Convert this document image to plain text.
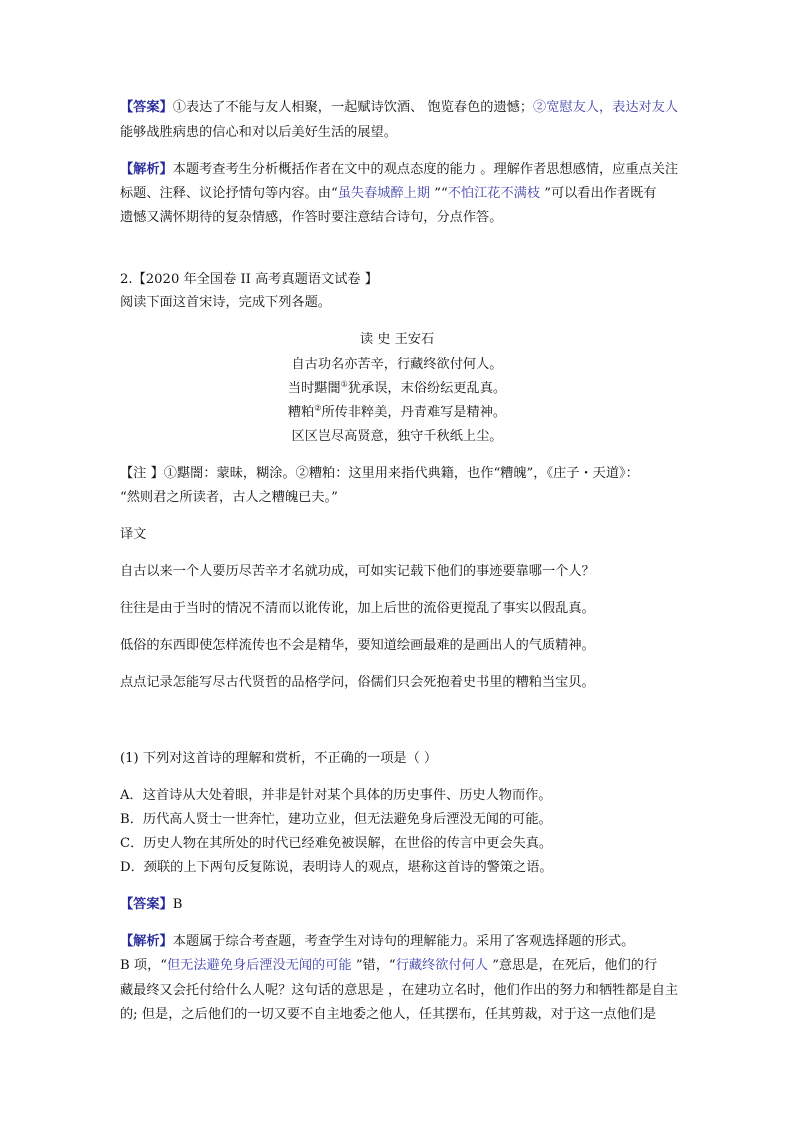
【答案】①表达了不能与友人相聚，一起赋诗饮酒、 饱览春色的遗憾；②宽慰友人，表达对友人
能够战胜病患的信心和对以后美好生活的展望。
【解析】本题考查考生分析概括作者在文中的观点态度的能力 。理解作者思想感情，应重点关注
标题、注释、议论抒情句等内容。由“虽失春城醉上期 ”“不怕江花不满枝 ”可以看出作者既有
遗憾又满怀期待的复杂情感，作答时要注意结合诗句，分点作答。
2.【2020 年全国卷 II 高考真题语文试卷 】
阅读下面这首宋诗，完成下列各题。
读 史 王安石
自古功名亦苦辛，行藏终欲付何人。
当时黮闇①犹承误，末俗纷纭更乱真。
糟粕②所传非粹美，丹青难写是精神。
区区岂尽高贤意，独守千秋纸上尘。
【注 】①黮闇：蒙昧，糊涂。②糟粕：这里用来指代典籍，也作“糟魄”，《庄子・天道》：
“然则君之所读者，古人之糟魄已夫。”
译文
自古以来一个人要历尽苦辛才名就功成，可如实记载下他们的事迹要靠哪一个人？
往往是由于当时的情况不清而以讹传讹，加上后世的流俗更搅乱了事实以假乱真。
低俗的东西即使怎样流传也不会是精华，要知道绘画最难的是画出人的气质精神。
点点记录怎能写尽古代贤哲的品格学问，俗儒们只会死抱着史书里的糟粕当宝贝。
(1) 下列对这首诗的理解和赏析，不正确的一项是（ ）
A．这首诗从大处着眼，并非是针对某个具体的历史事件、历史人物而作。
B．历代高人贤士一世奔忙，建功立业，但无法避免身后湮没无闻的可能。
C．历史人物在其所处的时代已经难免被误解，在世俗的传言中更会失真。
D．颈联的上下两句反复陈说，表明诗人的观点，堪称这首诗的警策之语。
【答案】B
【解析】本题属于综合考查题，考查学生对诗句的理解能力。采用了客观选择题的形式。
B 项，“但无法避免身后湮没无闻的可能 ”错，“行藏终欲付何人 ”意思是，在死后，他们的行
藏最终又会托付给什么人呢？这句话的意思是 ，在建功立名时，他们作出的努力和牺牲都是自主
的; 但是，之后他们的一切又要不自主地委之他人，任其摆布，任其剪裁，对于这一点他们是
